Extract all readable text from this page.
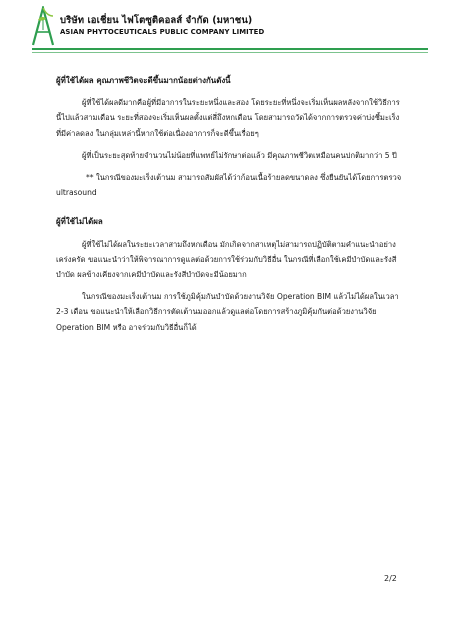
บริษัท เอเชี่ยน ไฟโตซูติคอลส์ จำกัด (มหาชน)
ASIAN PHYTOCEUTICALS PUBLIC COMPANY LIMITED

ผู้ที่ใช้ได้ผล คุณภาพชีวิตจะดีขึ้นมากน้อยต่างกันดังนี้

ผู้ที่ใช้ได้ผลดีมากคือผู้ที่มีอาการในระยะหนึ่งและสอง โดยระยะที่หนึ่งจะเริ่มเห็นผลหลังจากใช้วิธีการนี้ไปแล้วสามเดือน ระยะที่สองจะเริ่มเห็นผลตั้งแต่สี่ถึงหกเดือน โดยสามารถวัดได้จากการตรวจค่าบ่งชี้มะเร็งที่มีค่าลดลง ในกลุ่มเหล่านี้หากใช้ต่อเนื่องอาการก็จะดีขึ้นเรื่อยๆ

ผู้ที่เป็นระยะสุดท้ายจำนวนไม่น้อยที่แพทย์ไม่รักษาต่อแล้ว มีคุณภาพชีวิตเหมือนคนปกติมากว่า 5 ปี

** ในกรณีของมะเร็งเต้านม สามารถสัมผัสได้ว่าก้อนเนื้อร้ายลดขนาดลง ซึ่งยืนยันได้โดยการตรวจ ultrasound

ผู้ที่ใช้ไม่ได้ผล

ผู้ที่ใช้ไม่ได้ผลในระยะเวลาสามถึงหกเดือน มักเกิดจากสาเหตุไม่สามารถปฏิบัติตามคำแนะนำอย่างเคร่งครัด ขอแนะนำว่าให้พิจารณาการดูแลต่อด้วยการใช้ร่วมกับวิธีอื่น ในกรณีที่เลือกใช้เคมีบำบัดและรังสีบำบัด ผลข้างเคียงจากเคมีบำบัดและรังสีบำบัดจะมีน้อยมาก

ในกรณีของมะเร็งเต้านม การใช้ภูมิคุ้มกันบำบัดด้วยงานวิจัย Operation BIM แล้วไม่ได้ผลในเวลา 2-3 เดือน ขอแนะนำให้เลือกวิธีการตัดเต้านมออกแล้วดูแลต่อโดยการสร้างภูมิคุ้มกันต่อด้วยงานวิจัย Operation BIM หรือ อาจร่วมกับวิธีอื่นก็ได้

2/2
